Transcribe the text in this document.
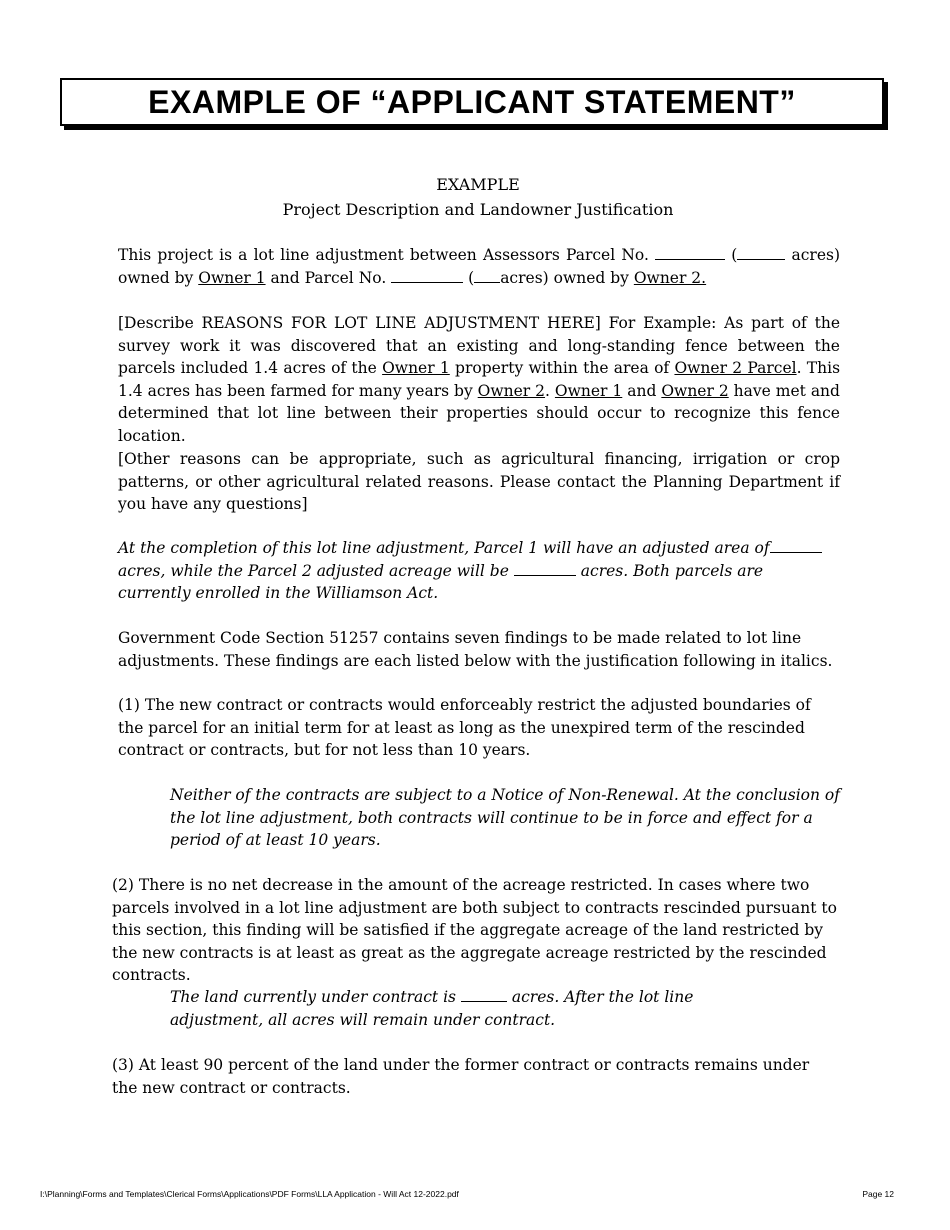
EXAMPLE OF “APPLICANT STATEMENT”
EXAMPLE
Project Description and Landowner Justification
This project is a lot line adjustment between Assessors Parcel No.	(	acres) owned by Owner 1 and Parcel No.	( acres) owned by Owner 2.
[Describe REASONS FOR LOT LINE ADJUSTMENT HERE] For Example: As part of the survey work it was discovered that an existing and long-standing fence between the parcels included 1.4 acres of the Owner 1 property within the area of Owner 2 Parcel. This 1.4 acres has been farmed for many years by Owner 2. Owner 1 and Owner 2 have met and determined that lot line between their properties should occur to recognize this fence location.
[Other reasons can be appropriate, such as agricultural financing, irrigation or crop patterns, or other agricultural related reasons. Please contact the Planning Department if you have any questions]
At the completion of this lot line adjustment, Parcel 1 will have an adjusted area of acres, while the Parcel 2 adjusted acreage will be	acres. Both parcels are currently enrolled in the Williamson Act.
Government Code Section 51257 contains seven findings to be made related to lot line adjustments. These findings are each listed below with the justification following in italics.
(1) The new contract or contracts would enforceably restrict the adjusted boundaries of the parcel for an initial term for at least as long as the unexpired term of the rescinded contract or contracts, but for not less than 10 years.
Neither of the contracts are subject to a Notice of Non-Renewal. At the conclusion of the lot line adjustment, both contracts will continue to be in force and effect for a period of at least 10 years.
(2) There is no net decrease in the amount of the acreage restricted. In cases where two parcels involved in a lot line adjustment are both subject to contracts rescinded pursuant to this section, this finding will be satisfied if the aggregate acreage of the land restricted by the new contracts is at least as great as the aggregate acreage restricted by the rescinded contracts.
The land currently under contract is	acres. After the lot line adjustment, all acres will remain under contract.
(3) At least 90 percent of the land under the former contract or contracts remains under the new contract or contracts.
I:\Planning\Forms and Templates\Clerical Forms\Applications\PDF Forms\LLA Application - Will Act 12-2022.pdf	Page 12
